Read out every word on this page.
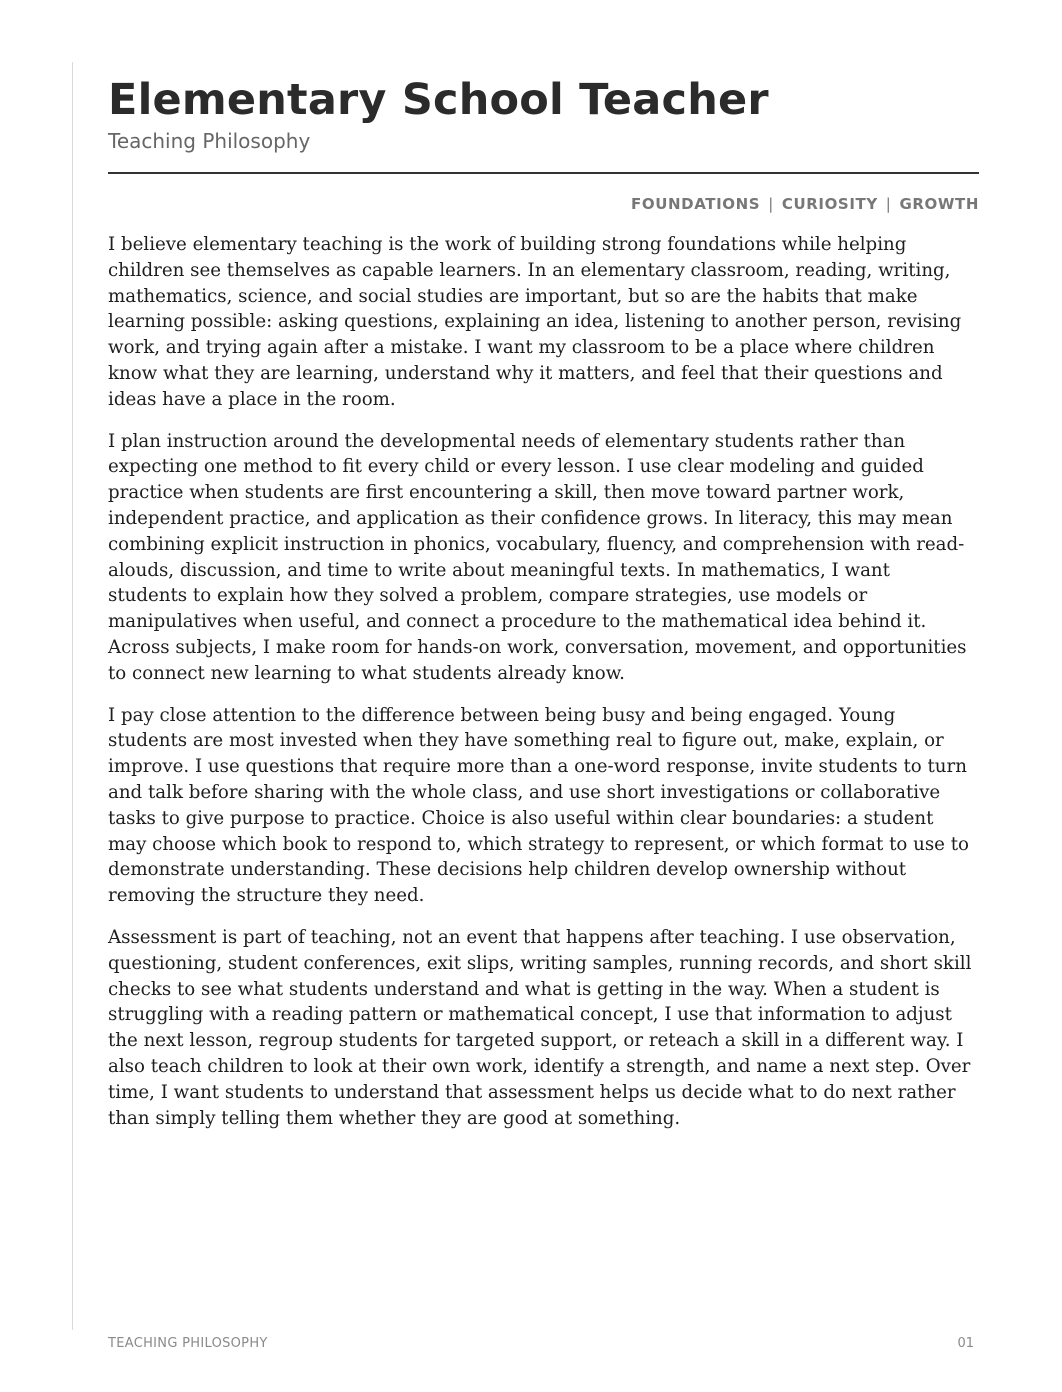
Elementary School Teacher
Teaching Philosophy
FOUNDATIONS | CURIOSITY | GROWTH

I believe elementary teaching is the work of building strong foundations while helping children see themselves as capable learners. In an elementary classroom, reading, writing, mathematics, science, and social studies are important, but so are the habits that make learning possible: asking questions, explaining an idea, listening to another person, revising work, and trying again after a mistake. I want my classroom to be a place where children know what they are learning, understand why it matters, and feel that their questions and ideas have a place in the room.

I plan instruction around the developmental needs of elementary students rather than expecting one method to fit every child or every lesson. I use clear modeling and guided practice when students are first encountering a skill, then move toward partner work, independent practice, and application as their confidence grows. In literacy, this may mean combining explicit instruction in phonics, vocabulary, fluency, and comprehension with read-alouds, discussion, and time to write about meaningful texts. In mathematics, I want students to explain how they solved a problem, compare strategies, use models or manipulatives when useful, and connect a procedure to the mathematical idea behind it. Across subjects, I make room for hands-on work, conversation, movement, and opportunities to connect new learning to what students already know.

I pay close attention to the difference between being busy and being engaged. Young students are most invested when they have something real to figure out, make, explain, or improve. I use questions that require more than a one-word response, invite students to turn and talk before sharing with the whole class, and use short investigations or collaborative tasks to give purpose to practice. Choice is also useful within clear boundaries: a student may choose which book to respond to, which strategy to represent, or which format to use to demonstrate understanding. These decisions help children develop ownership without removing the structure they need.

Assessment is part of teaching, not an event that happens after teaching. I use observation, questioning, student conferences, exit slips, writing samples, running records, and short skill checks to see what students understand and what is getting in the way. When a student is struggling with a reading pattern or mathematical concept, I use that information to adjust the next lesson, regroup students for targeted support, or reteach a skill in a different way. I also teach children to look at their own work, identify a strength, and name a next step. Over time, I want students to understand that assessment helps us decide what to do next rather than simply telling them whether they are good at something.

TEACHING PHILOSOPHY	01
